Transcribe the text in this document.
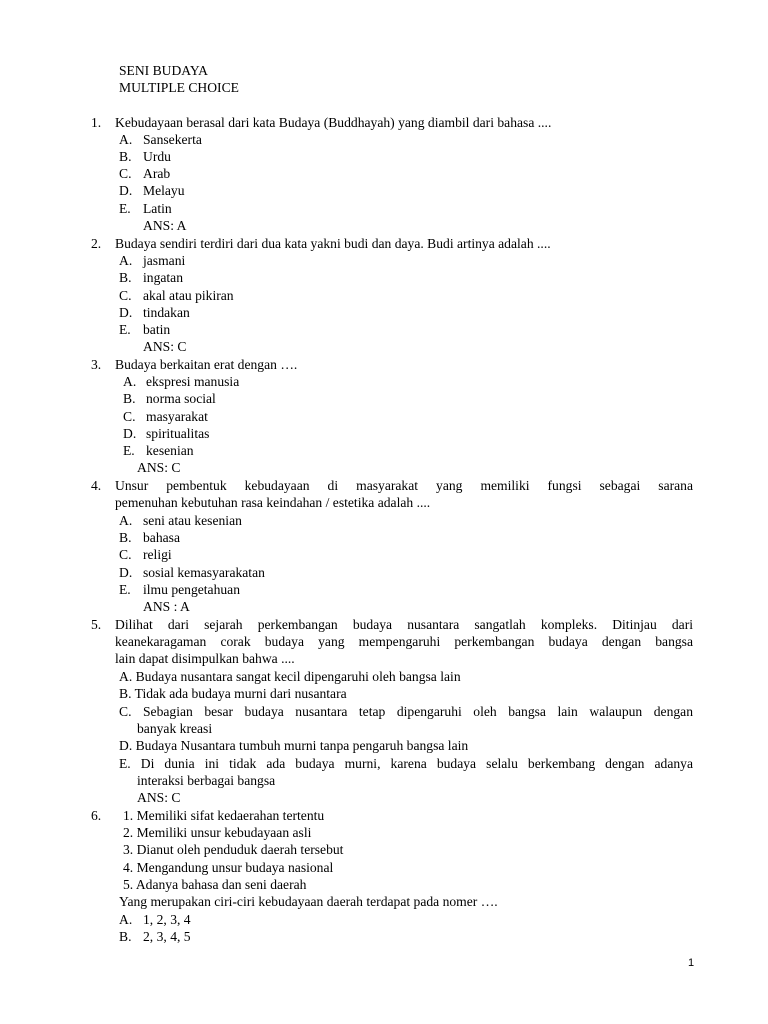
SENI BUDAYA

MULTIPLE CHOICE

1. Kebudayaan berasal dari kata Budaya (Buddhayah) yang diambil dari bahasa ....

A. Sansekerta

B. Urdu

C. Arab

D. Melayu

E. Latin

ANS: A

2. Budaya sendiri terdiri dari dua kata yakni budi dan daya. Budi artinya adalah ....

A. jasmani

B. ingatan

C. akal atau pikiran

D. tindakan

E. batin

ANS: C

3. Budaya berkaitan erat dengan ….

A. ekspresi manusia

B. norma social

C. masyarakat

D. spiritualitas

E. kesenian

ANS: C

4. Unsur pembentuk kebudayaan di masyarakat yang memiliki fungsi sebagai sarana

pemenuhan kebutuhan rasa keindahan / estetika adalah ....

A. seni atau kesenian

B. bahasa

C. religi

D. sosial kemasyarakatan

E. ilmu pengetahuan

ANS : A

5. Dilihat dari sejarah perkembangan budaya nusantara sangatlah kompleks. Ditinjau dari

keanekaragaman corak budaya yang mempengaruhi perkembangan budaya dengan bangsa

lain dapat disimpulkan bahwa ....

A. Budaya nusantara sangat kecil dipengaruhi oleh bangsa lain

B. Tidak ada budaya murni dari nusantara

C. Sebagian besar budaya nusantara tetap dipengaruhi oleh bangsa lain walaupun dengan

banyak kreasi

D. Budaya Nusantara tumbuh murni tanpa pengaruh bangsa lain

E. Di dunia ini tidak ada budaya murni, karena budaya selalu berkembang dengan adanya

interaksi berbagai bangsa

ANS: C

6. 1. Memiliki sifat kedaerahan tertentu

2. Memiliki unsur kebudayaan asli

3. Dianut oleh penduduk daerah tersebut

4. Mengandung unsur budaya nasional

5. Adanya bahasa dan seni daerah

Yang merupakan ciri-ciri kebudayaan daerah terdapat pada nomer ….

A. 1, 2, 3, 4

B. 2, 3, 4, 5

1
